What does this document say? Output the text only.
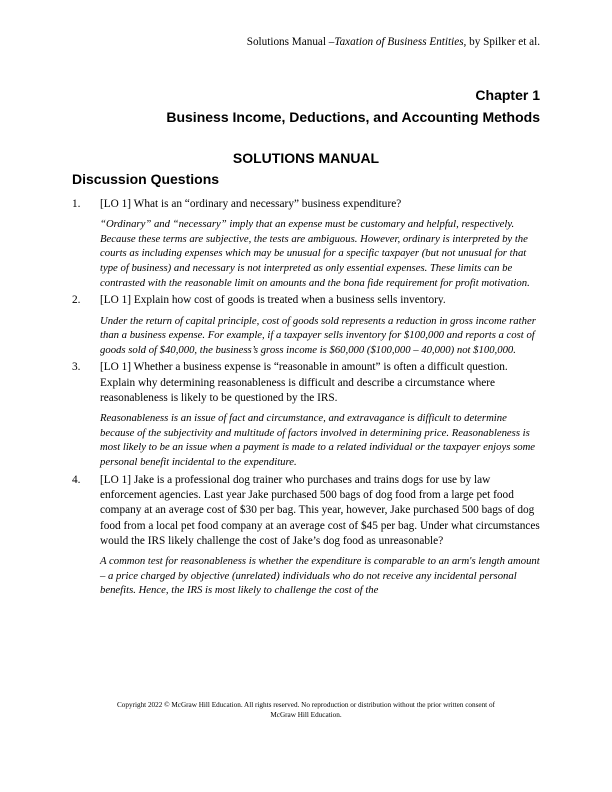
Solutions Manual –Taxation of Business Entities, by Spilker et al.
Chapter 1
Business Income, Deductions, and Accounting Methods
SOLUTIONS MANUAL
Discussion Questions
1. [LO 1] What is an “ordinary and necessary” business expenditure?

“Ordinary” and “necessary” imply that an expense must be customary and helpful, respectively. Because these terms are subjective, the tests are ambiguous. However, ordinary is interpreted by the courts as including expenses which may be unusual for a specific taxpayer (but not unusual for that type of business) and necessary is not interpreted as only essential expenses. These limits can be contrasted with the reasonable limit on amounts and the bona fide requirement for profit motivation.

2. [LO 1] Explain how cost of goods is treated when a business sells inventory.

Under the return of capital principle, cost of goods sold represents a reduction in gross income rather than a business expense. For example, if a taxpayer sells inventory for $100,000 and reports a cost of goods sold of $40,000, the business’s gross income is $60,000 ($100,000 – 40,000) not $100,000.

3. [LO 1] Whether a business expense is “reasonable in amount” is often a difficult question. Explain why determining reasonableness is difficult and describe a circumstance where reasonableness is likely to be questioned by the IRS.

Reasonableness is an issue of fact and circumstance, and extravagance is difficult to determine because of the subjectivity and multitude of factors involved in determining price. Reasonableness is most likely to be an issue when a payment is made to a related individual or the taxpayer enjoys some personal benefit incidental to the expenditure.

4. [LO 1] Jake is a professional dog trainer who purchases and trains dogs for use by law enforcement agencies. Last year Jake purchased 500 bags of dog food from a large pet food company at an average cost of $30 per bag. This year, however, Jake purchased 500 bags of dog food from a local pet food company at an average cost of $45 per bag. Under what circumstances would the IRS likely challenge the cost of Jake’s dog food as unreasonable?

A common test for reasonableness is whether the expenditure is comparable to an arm's length amount – a price charged by objective (unrelated) individuals who do not receive any incidental personal benefits. Hence, the IRS is most likely to challenge the cost of the

Copyright 2022 © McGraw Hill Education. All rights reserved. No reproduction or distribution without the prior written consent of
McGraw Hill Education.
